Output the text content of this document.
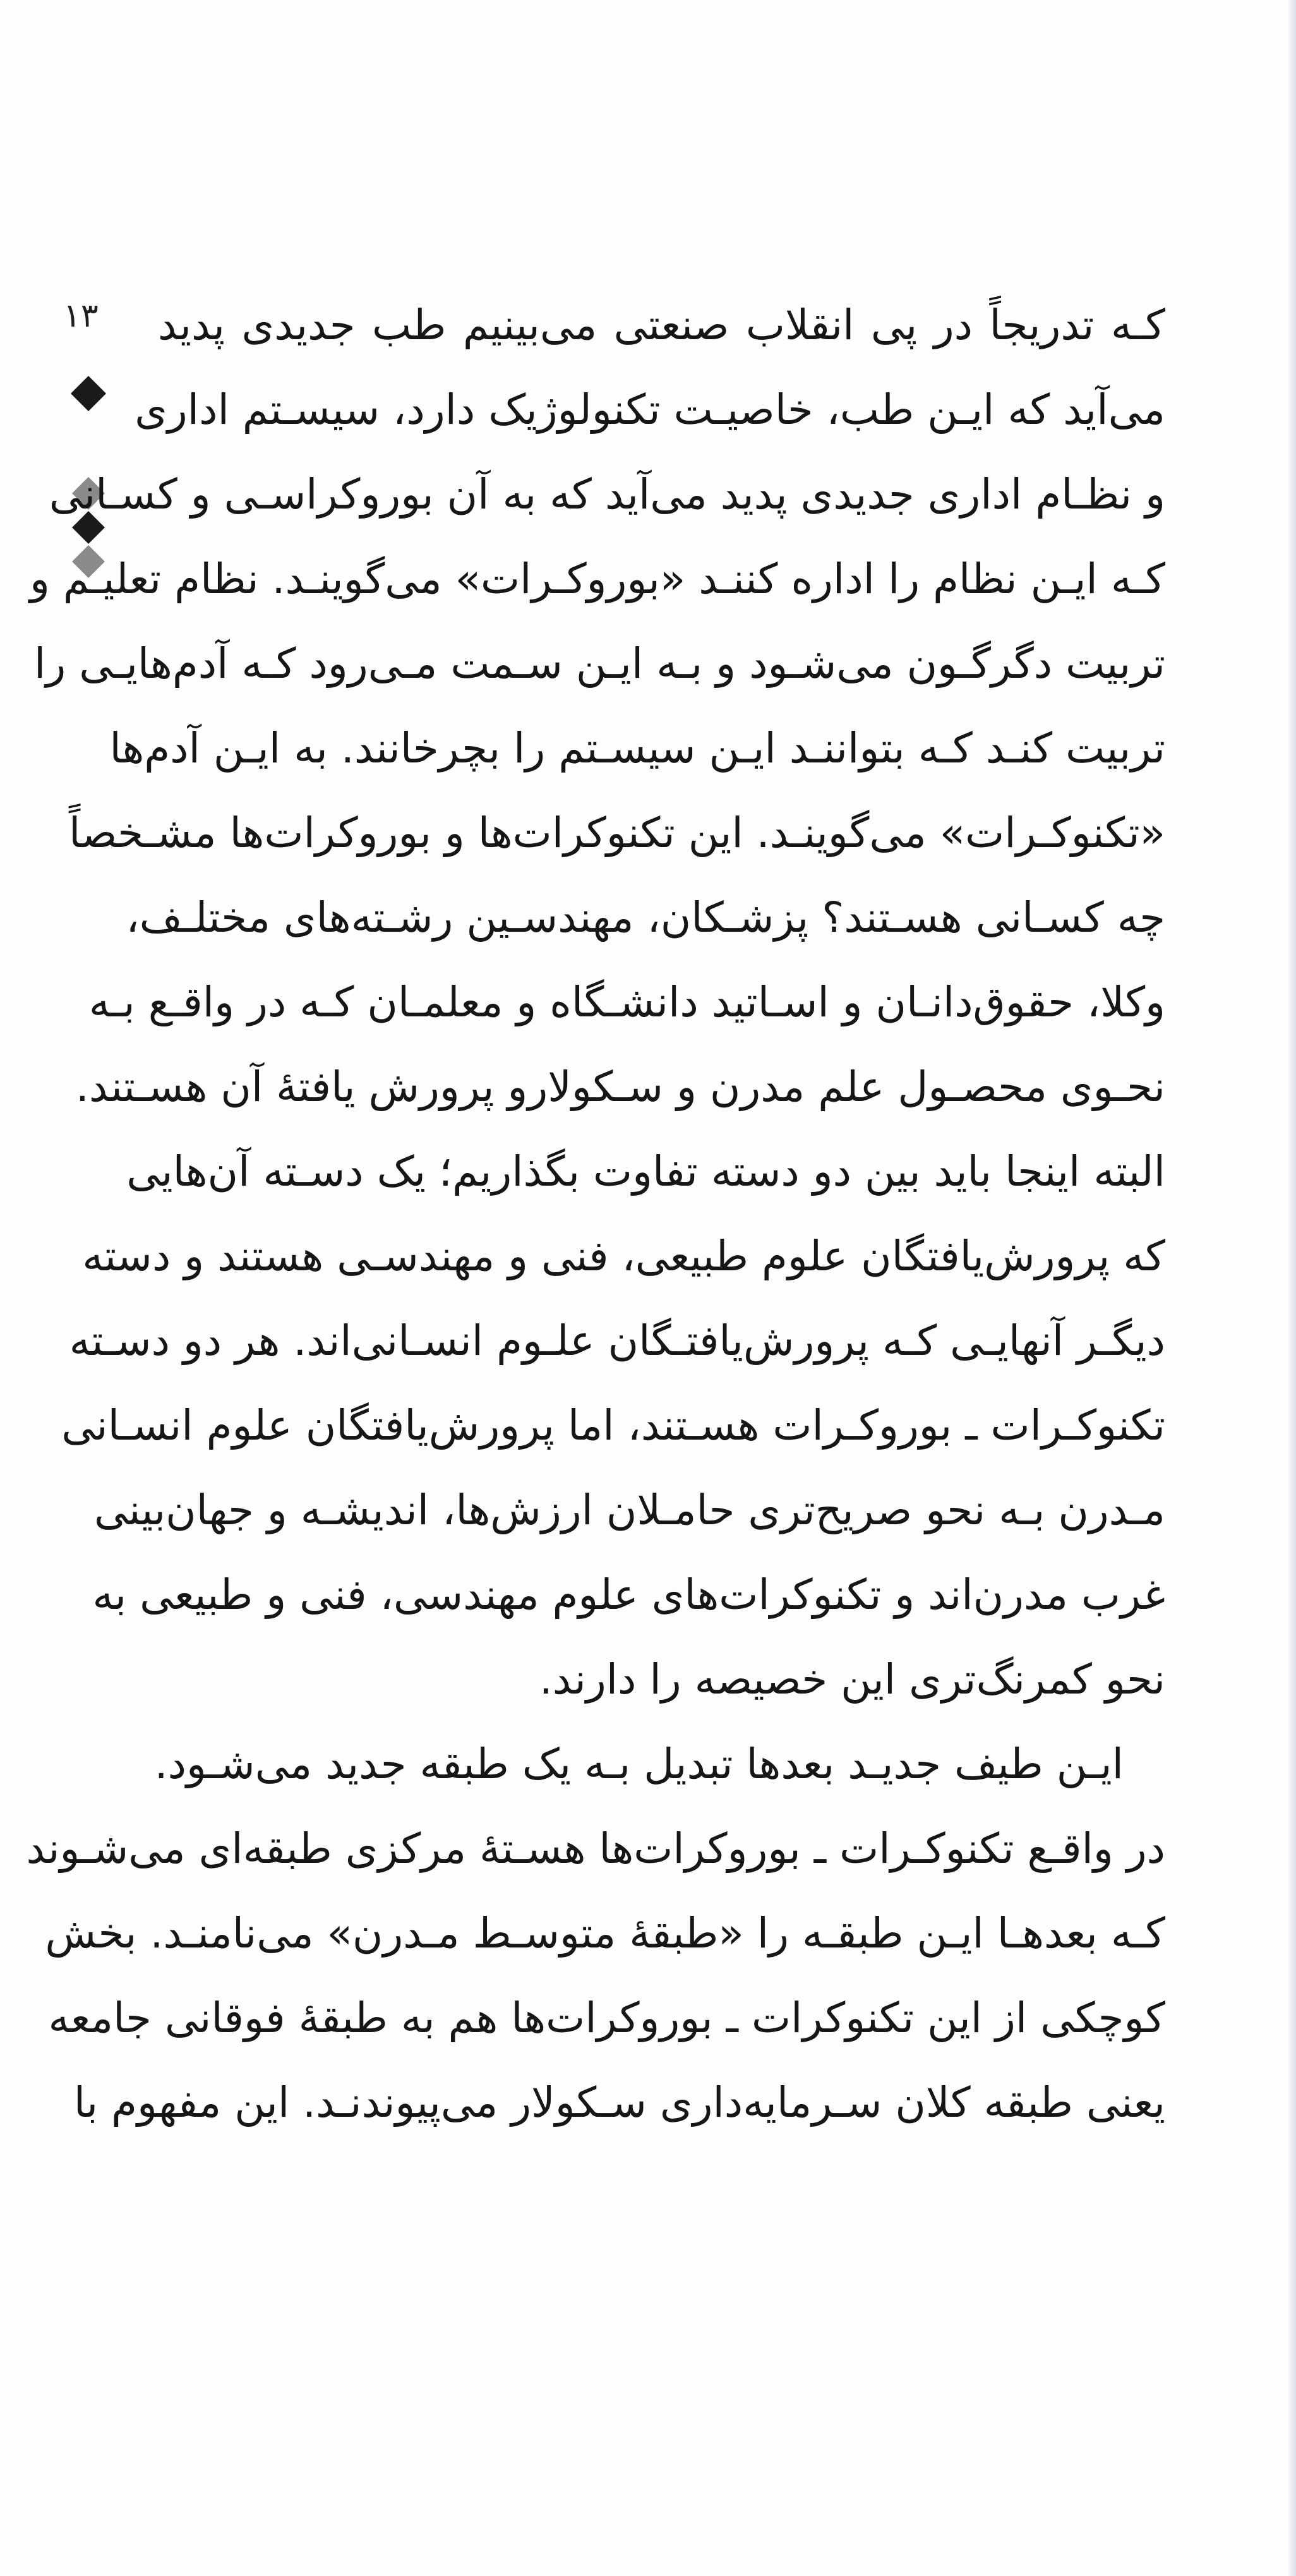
۱۳ کـه تدریجاً در پی انقلاب صنعتی می‌بینیم طب جدیدی پدید
می‌آید که ایـن طب، خاصیـت تکنولوژیک دارد، سیسـتم اداری
و نظـام اداری جدیدی پدید می‌آید که به آن بوروکراسـی و کسـانی
کـه ایـن نظام را اداره کننـد «بوروکـرات» می‌گوینـد. نظام تعلیـم و
تربیت دگرگـون می‌شـود و بـه ایـن سـمت مـی‌رود کـه آدم‌هایـی را
تربیت کنـد کـه بتواننـد ایـن سیسـتم را بچرخانند. به ایـن آدم‌ها
«تکنوکـرات» می‌گوینـد. این تکنوکرات‌ها و بوروکرات‌ها مشـخصاً
چه کسـانی هسـتند؟ پزشـکان، مهندسـین رشـته‌های مختلـف،
وکلا، حقوق‌دانـان و اسـاتید دانشـگاه و معلمـان کـه در واقـع بـه
نحـوی محصـول علم مدرن و سـکولارو پرورش یافتهٔ آن هسـتند.
البته اینجا باید بین دو دسته تفاوت بگذاریم؛ یک دسـته آن‌هایی
که پرورش‌یافتگان علوم طبیعی، فنی و مهندسـی هستند و دسته
دیگـر آنهایـی کـه پرورش‌یافتـگان علـوم انسـانی‌اند. هر دو دسـته
تکنوکـرات ـ بوروکـرات هسـتند، اما پرورش‌یافتگان علوم انسـانی
مـدرن بـه نحو صریح‌تری حامـلان ارزش‌ها، اندیشـه و جهان‌بینی
غرب مدرن‌اند و تکنوکرات‌های علوم مهندسی، فنی و طبیعی به
نحو کمرنگ‌تری این خصیصه را دارند.
ایـن طیف جدیـد بعدها تبدیل بـه یک طبقه جدید می‌شـود.
در واقـع تکنوکـرات ـ بوروکرات‌ها هسـتهٔ مرکزی طبقه‌ای می‌شـوند
کـه بعدهـا ایـن طبقـه را «طبقهٔ متوسـط مـدرن» می‌نامنـد. بخش
کوچکی از این تکنوکرات ـ بوروکرات‌ها هم به طبقهٔ فوقانی جامعه
یعنی طبقه کلان سـرمایه‌داری سـکولار می‌پیوندنـد. این مفهوم با
